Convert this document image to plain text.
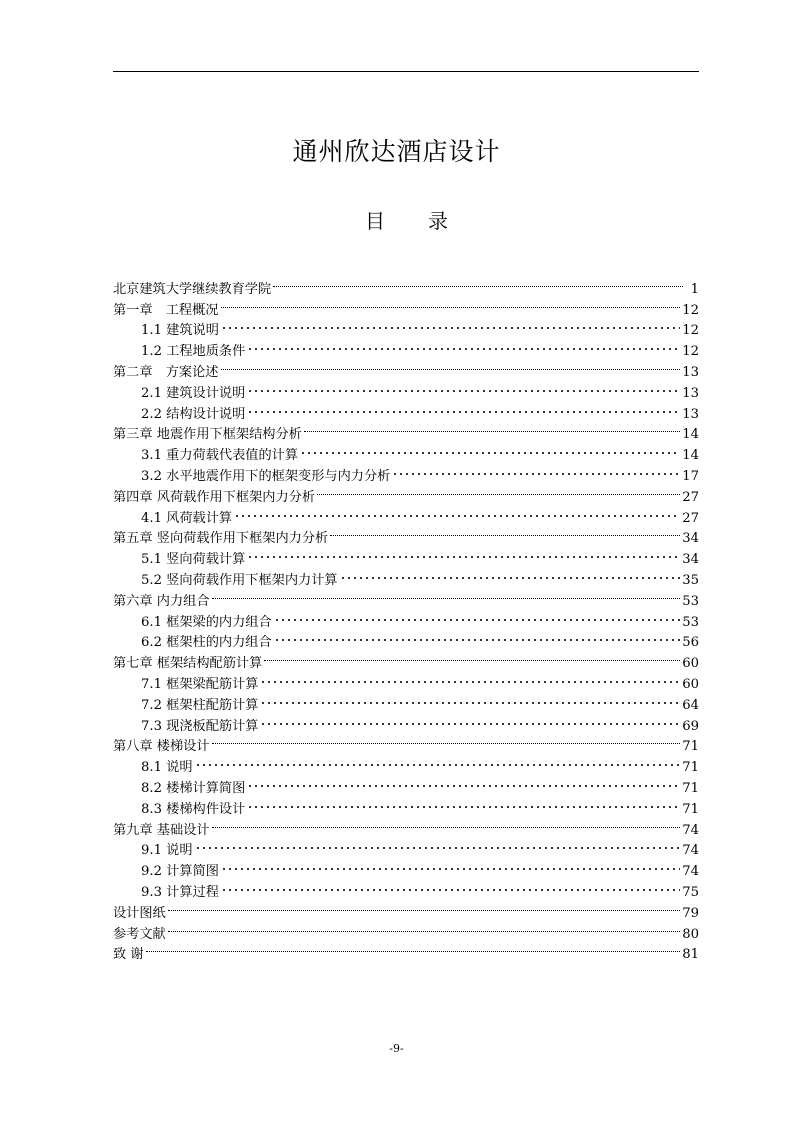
通州欣达酒店设计
目 录
北京建筑大学继续教育学院	1
第一章　工程概况	12
1.1 建筑说明	12
1.2 工程地质条件	12
第二章　方案论述	13
2.1 建筑设计说明	13
2.2 结构设计说明	13
第三章 地震作用下框架结构分析	14
3.1 重力荷载代表值的计算	14
3.2 水平地震作用下的框架变形与内力分析	17
第四章 风荷载作用下框架内力分析	27
4.1 风荷载计算	27
第五章 竖向荷载作用下框架内力分析	34
5.1 竖向荷载计算	34
5.2 竖向荷载作用下框架内力计算	35
第六章 内力组合	53
6.1 框架梁的内力组合	53
6.2 框架柱的内力组合	56
第七章 框架结构配筋计算	60
7.1 框架梁配筋计算	60
7.2 框架柱配筋计算	64
7.3 现浇板配筋计算	69
第八章 楼梯设计	71
8.1 说明	71
8.2 楼梯计算简图	71
8.3 楼梯构件设计	71
第九章 基础设计	74
9.1 说明	74
9.2 计算简图	74
9.3 计算过程	75
设计图纸	79
参考文献	80
致 谢	81
-9-
